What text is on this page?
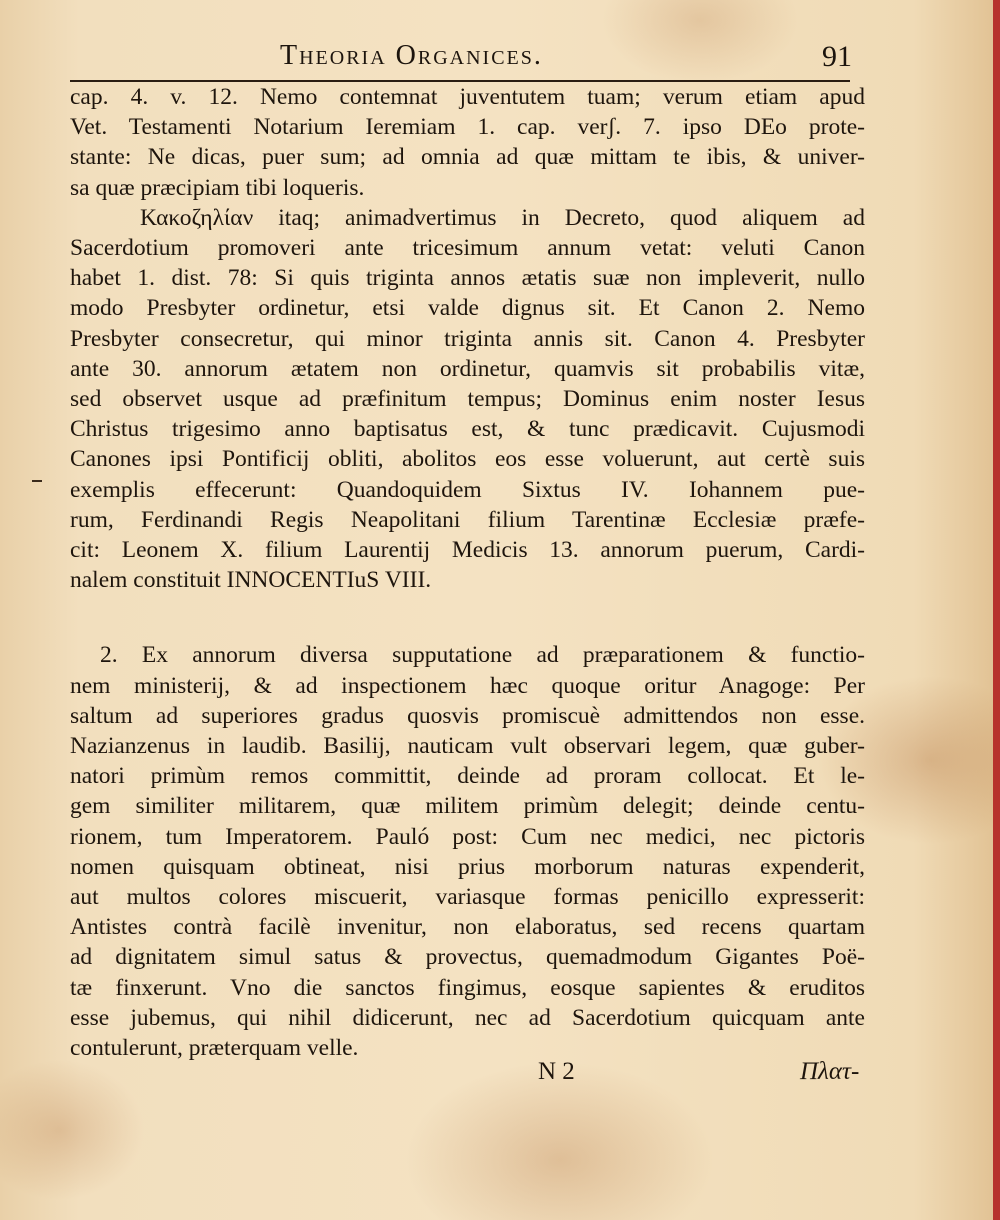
Theoria Organices.	91

cap. 4. v. 12. Nemo contemnat juventutem tuam; verum etiam apud
Vet. Testamenti Notarium Ieremiam 1. cap. verʃ. 7. ipso DEo prote-
stante: Ne dicas, puer sum; ad omnia ad quæ mittam te ibis, & univer-
sa quæ præcipiam tibi loqueris.

Κακοζηλίαν itaq; animadvertimus in Decreto, quod aliquem ad
Sacerdotium promoveri ante tricesimum annum vetat: veluti Canon
habet 1. dist. 78: Si quis triginta annos ætatis suæ non impleverit, nullo
modo Presbyter ordinetur, etsi valde dignus sit. Et Canon 2. Nemo
Presbyter consecretur, qui minor triginta annis sit. Canon 4. Presbyter
ante 30. annorum ætatem non ordinetur, quamvis sit probabilis vitæ,
sed observet usque ad præfinitum tempus; Dominus enim noster Iesus
Christus trigesimo anno baptisatus est, & tunc prædicavit. Cujusmodi
Canones ipsi Pontificij obliti, abolitos eos esse voluerunt, aut certè suis
exemplis effecerunt: Quandoquidem Sixtus IV. Iohannem pue-
rum, Ferdinandi Regis Neapolitani filium Tarentinæ Ecclesiæ præfe-
cit: Leonem X. filium Laurentij Medicis 13. annorum puerum, Cardi-
nalem constituit INNOCENTIuS VIII.

2. Ex annorum diversa supputatione ad præparationem & functio-
nem ministerij, & ad inspectionem hæc quoque oritur Anagoge: Per
saltum ad superiores gradus quosvis promiscuè admittendos non esse.
Nazianzenus in laudib. Basilij, nauticam vult observari legem, quæ guber-
natori primùm remos committit, deinde ad proram collocat. Et le-
gem similiter militarem, quæ militem primùm delegit; deinde centu-
rionem, tum Imperatorem. Pauló post: Cum nec medici, nec pictoris
nomen quisquam obtineat, nisi prius morborum naturas expenderit,
aut multos colores miscuerit, variasque formas penicillo expresserit:
Antistes contrà facilè invenitur, non elaboratus, sed recens quartam
ad dignitatem simul satus & provectus, quemadmodum Gigantes Poë-
tæ finxerunt. Vno die sanctos fingimus, eosque sapientes & eruditos
esse jubemus, qui nihil didicerunt, nec ad Sacerdotium quicquam ante
contulerunt, præterquam velle.

N 2	Πλατ-
